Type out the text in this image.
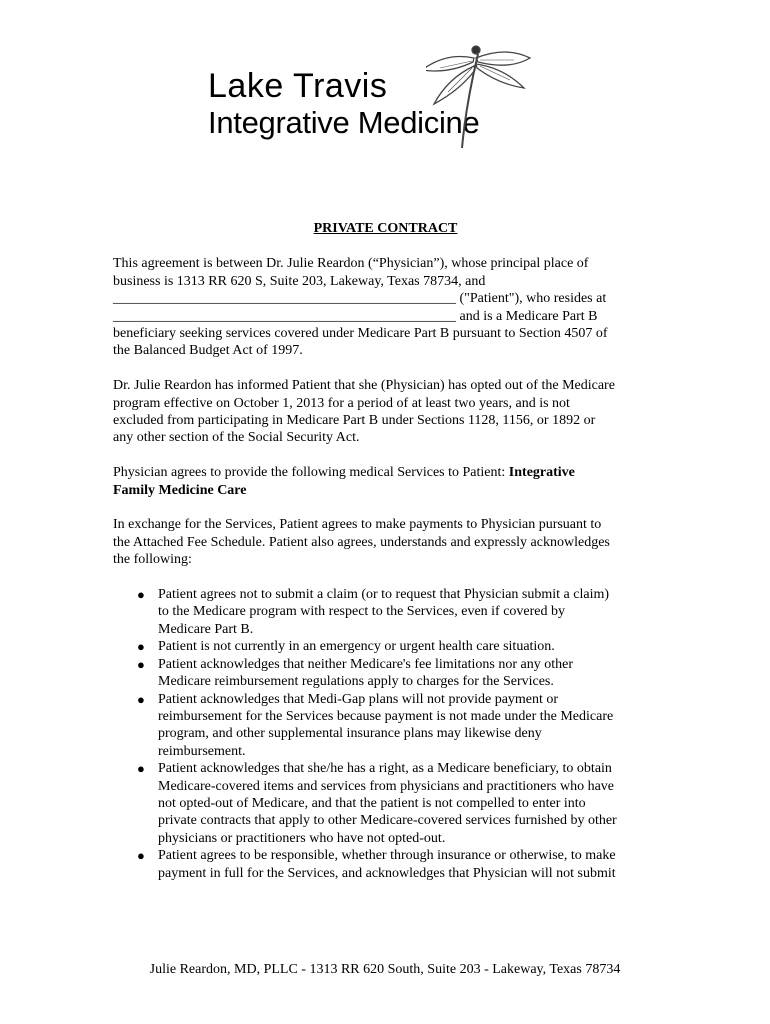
Lake Travis
Integrative Medicine
PRIVATE CONTRACT
This agreement is between Dr. Julie Reardon (“Physician”), whose principal place of
business is 1313 RR 620 S, Suite 203, Lakeway, Texas 78734, and
_________________________________________________ ("Patient"), who resides at
_________________________________________________ and is a Medicare Part B
beneficiary seeking services covered under Medicare Part B pursuant to Section 4507 of
the Balanced Budget Act of 1997.
Dr. Julie Reardon has informed Patient that she (Physician) has opted out of the Medicare
program effective on October 1, 2013 for a period of at least two years, and is not
excluded from participating in Medicare Part B under Sections 1128, 1156, or 1892 or
any other section of the Social Security Act.
Physician agrees to provide the following medical Services to Patient: Integrative
Family Medicine Care
In exchange for the Services, Patient agrees to make payments to Physician pursuant to
the Attached Fee Schedule. Patient also agrees, understands and expressly acknowledges
the following:
● Patient agrees not to submit a claim (or to request that Physician submit a claim)
to the Medicare program with respect to the Services, even if covered by
Medicare Part B.
● Patient is not currently in an emergency or urgent health care situation.
● Patient acknowledges that neither Medicare's fee limitations nor any other
Medicare reimbursement regulations apply to charges for the Services.
● Patient acknowledges that Medi-Gap plans will not provide payment or
reimbursement for the Services because payment is not made under the Medicare
program, and other supplemental insurance plans may likewise deny
reimbursement.
● Patient acknowledges that she/he has a right, as a Medicare beneficiary, to obtain
Medicare-covered items and services from physicians and practitioners who have
not opted-out of Medicare, and that the patient is not compelled to enter into
private contracts that apply to other Medicare-covered services furnished by other
physicians or practitioners who have not opted-out.
● Patient agrees to be responsible, whether through insurance or otherwise, to make
payment in full for the Services, and acknowledges that Physician will not submit
Julie Reardon, MD, PLLC - 1313 RR 620 South, Suite 203 - Lakeway, Texas 78734
